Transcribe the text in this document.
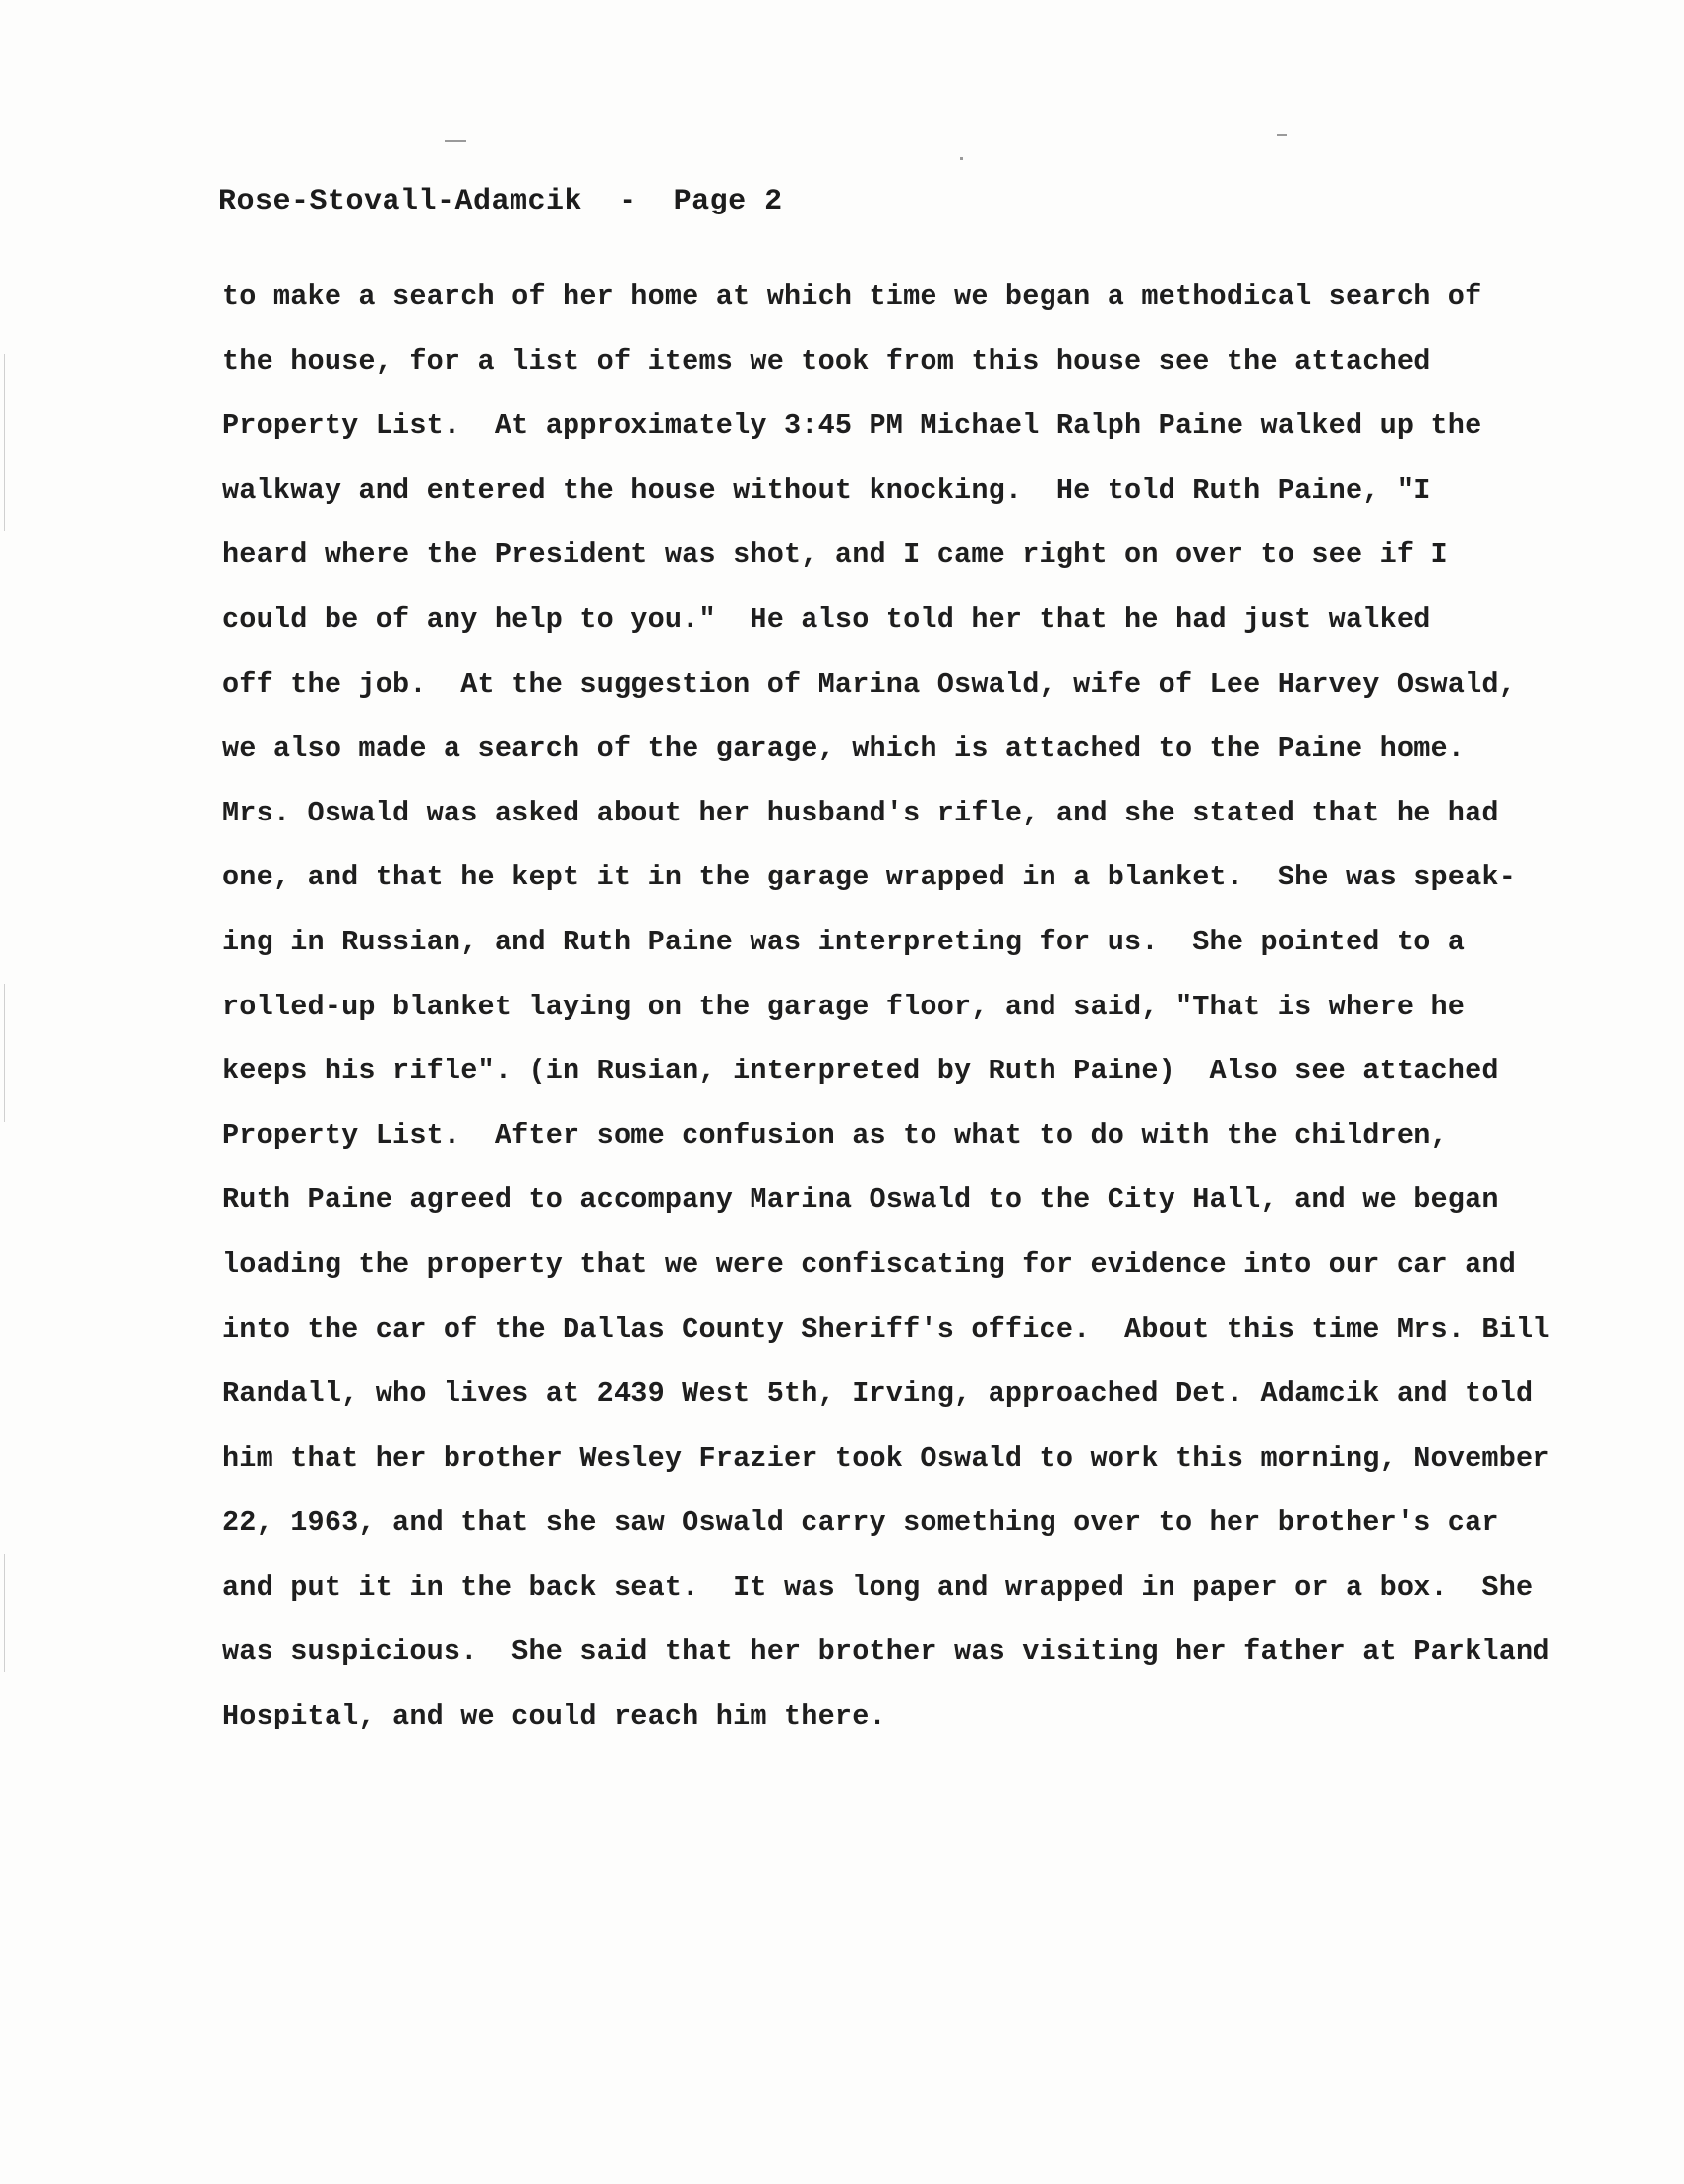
Rose-Stovall-Adamcik  -  Page 2
to make a search of her home at which time we began a methodical search of
the house, for a list of items we took from this house see the attached
Property List.  At approximately 3:45 PM Michael Ralph Paine walked up the
walkway and entered the house without knocking.  He told Ruth Paine, "I
heard where the President was shot, and I came right on over to see if I
could be of any help to you."  He also told her that he had just walked
off the job.  At the suggestion of Marina Oswald, wife of Lee Harvey Oswald,
we also made a search of the garage, which is attached to the Paine home.
Mrs. Oswald was asked about her husband's rifle, and she stated that he had
one, and that he kept it in the garage wrapped in a blanket.  She was speak-
ing in Russian, and Ruth Paine was interpreting for us.  She pointed to a
rolled-up blanket laying on the garage floor, and said, "That is where he
keeps his rifle". (in Rusian, interpreted by Ruth Paine)  Also see attached
Property List.  After some confusion as to what to do with the children,
Ruth Paine agreed to accompany Marina Oswald to the City Hall, and we began
loading the property that we were confiscating for evidence into our car and
into the car of the Dallas County Sheriff's office.  About this time Mrs. Bill
Randall, who lives at 2439 West 5th, Irving, approached Det. Adamcik and told
him that her brother Wesley Frazier took Oswald to work this morning, November
22, 1963, and that she saw Oswald carry something over to her brother's car
and put it in the back seat.  It was long and wrapped in paper or a box.  She
was suspicious.  She said that her brother was visiting her father at Parkland
Hospital, and we could reach him there.
